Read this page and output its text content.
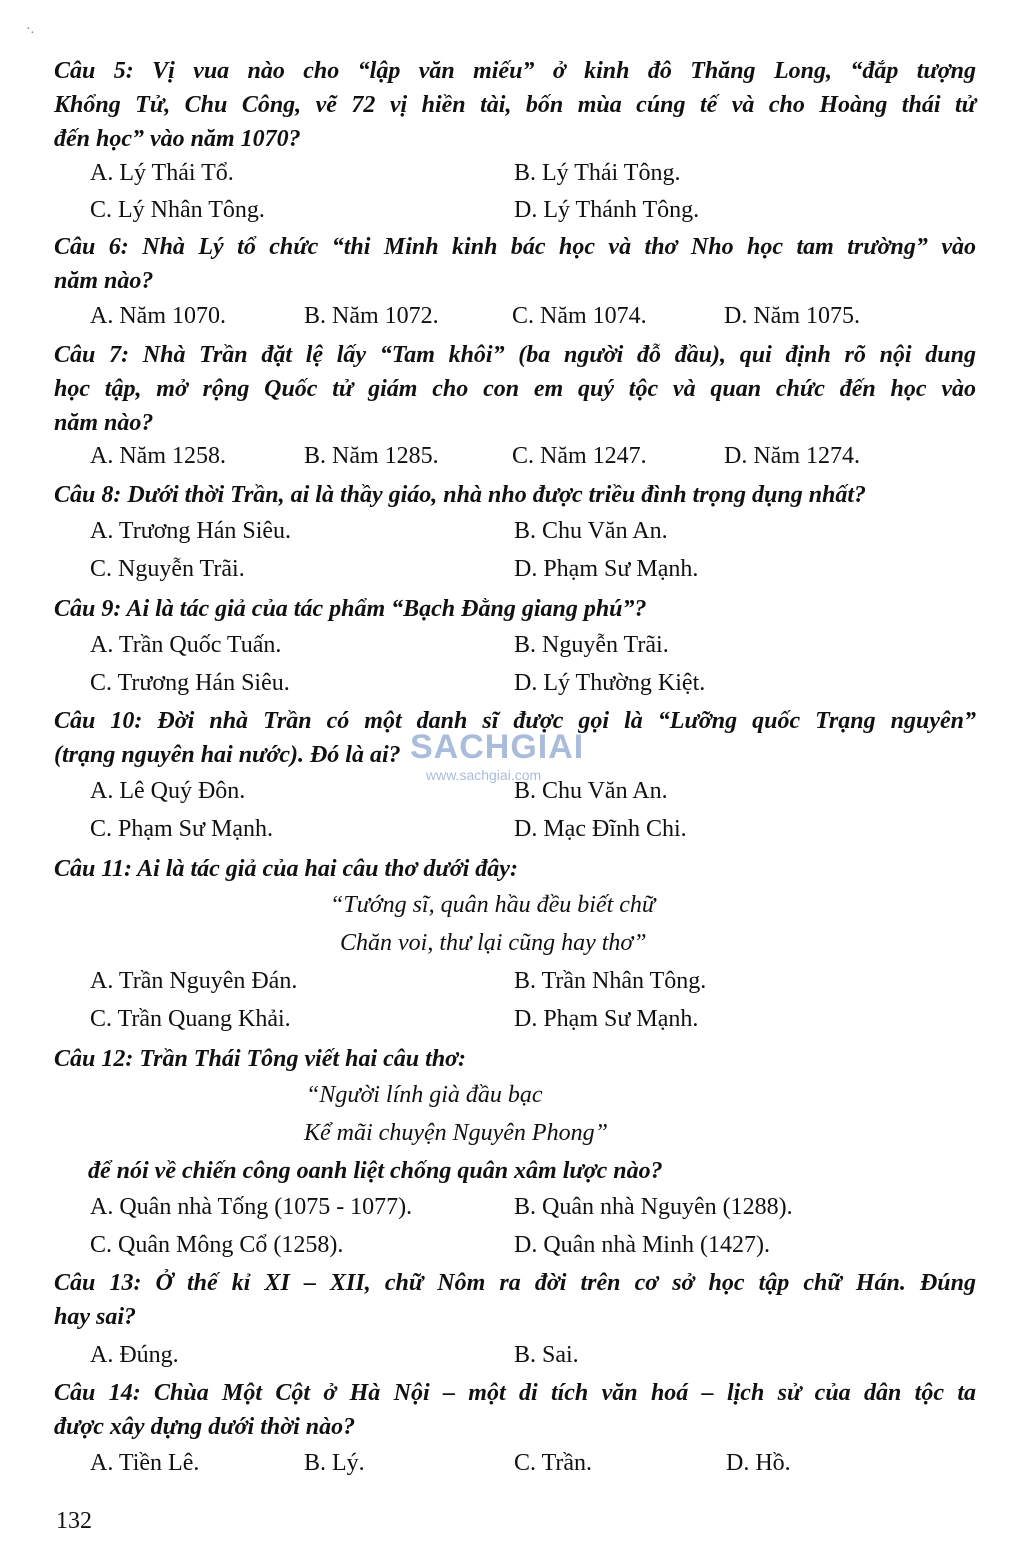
·.
Câu 5: Vị vua nào cho “lập văn miếu” ở kinh đô Thăng Long, “đắp tượng
Khổng Tử, Chu Công, vẽ 72 vị hiền tài, bốn mùa cúng tế và cho Hoàng thái tử
đến học” vào năm 1070?
A. Lý Thái Tổ.	B. Lý Thái Tông.
C. Lý Nhân Tông.	D. Lý Thánh Tông.
Câu 6: Nhà Lý tổ chức “thi Minh kinh bác học và thơ Nho học tam trường” vào
năm nào?
A. Năm 1070.	B. Năm 1072.	C. Năm 1074.	D. Năm 1075.
Câu 7: Nhà Trần đặt lệ lấy “Tam khôi” (ba người đỗ đầu), qui định rõ nội dung
học tập, mở rộng Quốc tử giám cho con em quý tộc và quan chức đến học vào
năm nào?
A. Năm 1258.	B. Năm 1285.	C. Năm 1247.	D. Năm 1274.
Câu 8: Dưới thời Trần, ai là thầy giáo, nhà nho được triều đình trọng dụng nhất?
A. Trương Hán Siêu.	B. Chu Văn An.
C. Nguyễn Trãi.	D. Phạm Sư Mạnh.
Câu 9: Ai là tác giả của tác phẩm “Bạch Đằng giang phú”?
A. Trần Quốc Tuấn.	B. Nguyễn Trãi.
C. Trương Hán Siêu.	D. Lý Thường Kiệt.
Câu 10: Đời nhà Trần có một danh sĩ được gọi là “Lưỡng quốc Trạng nguyên”
(trạng nguyên hai nước). Đó là ai?
A. Lê Quý Đôn.	B. Chu Văn An.
C. Phạm Sư Mạnh.	D. Mạc Đĩnh Chi.
SACHGIAI
www.sachgiai.com
Câu 11: Ai là tác giả của hai câu thơ dưới đây:
“Tướng sĩ, quân hầu đều biết chữ
Chăn voi, thư lại cũng hay thơ”
A. Trần Nguyên Đán.	B. Trần Nhân Tông.
C. Trần Quang Khải.	D. Phạm Sư Mạnh.
Câu 12: Trần Thái Tông viết hai câu thơ:
“Người lính già đầu bạc
Kể mãi chuyện Nguyên Phong”
để nói về chiến công oanh liệt chống quân xâm lược nào?
A. Quân nhà Tống (1075 - 1077).	B. Quân nhà Nguyên (1288).
C. Quân Mông Cổ (1258).	D. Quân nhà Minh (1427).
Câu 13: Ở thế kỉ XI – XII, chữ Nôm ra đời trên cơ sở học tập chữ Hán. Đúng
hay sai?
A. Đúng.	B. Sai.
Câu 14: Chùa Một Cột ở Hà Nội – một di tích văn hoá – lịch sử của dân tộc ta
được xây dựng dưới thời nào?
A. Tiền Lê.	B. Lý.	C. Trần.	D. Hồ.
132
